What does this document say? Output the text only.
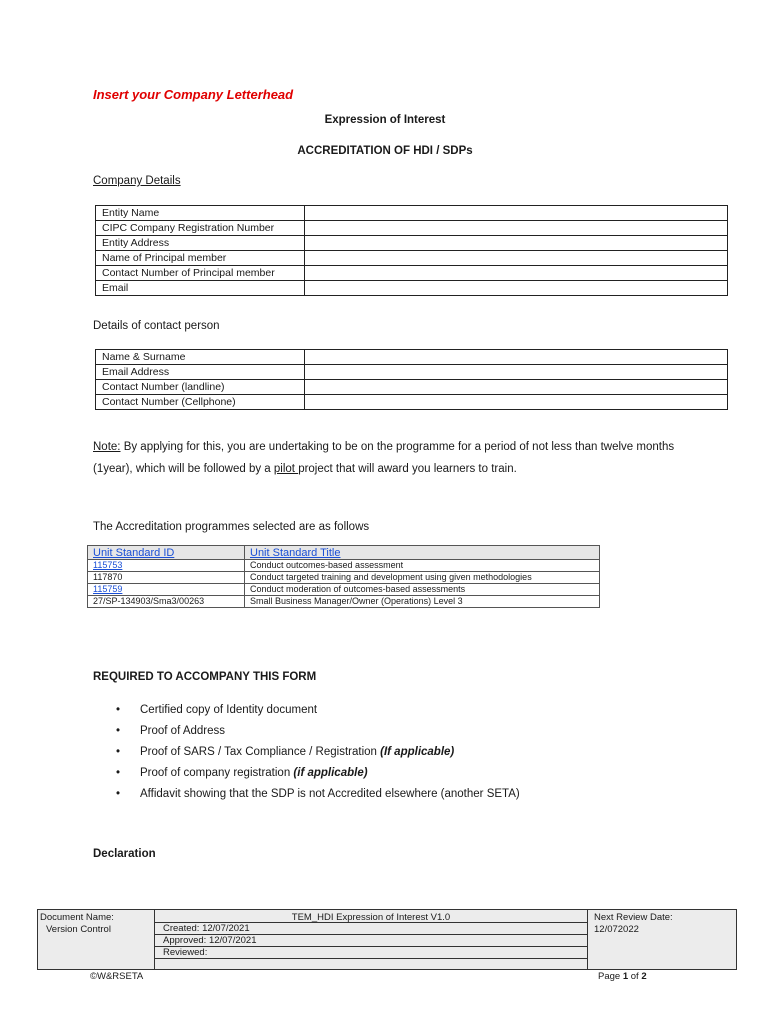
Insert your Company Letterhead
Expression of Interest
ACCREDITATION OF HDI / SDPs
Company Details
Entity Name	
CIPC Company Registration Number	
Entity Address	
Name of Principal member	
Contact Number of Principal member	
Email	
Details of contact person
Name & Surname	
Email Address	
Contact Number (landline)	
Contact Number (Cellphone)	
Note: By applying for this, you are undertaking to be on the programme for a period of not less than twelve months (1year), which will be followed by a pilot project that will award you learners to train.
The Accreditation programmes selected are as follows
Unit Standard ID	Unit Standard Title
115753	Conduct outcomes-based assessment
117870	Conduct targeted training and development using given methodologies
115759	Conduct moderation of outcomes-based assessments
27/SP-134903/Sma3/00263	Small Business Manager/Owner (Operations) Level 3
REQUIRED TO ACCOMPANY THIS FORM
• Certified copy of Identity document
• Proof of Address
• Proof of SARS / Tax Compliance / Registration (If applicable)
• Proof of company registration (if applicable)
• Affidavit showing that the SDP is not Accredited elsewhere (another SETA)
Declaration
Document Name:
Version Control
TEM_HDI Expression of Interest V1.0
Created: 12/07/2021
Approved: 12/07/2021
Reviewed:
Next Review Date:
12/072022
©W&RSETA	Page 1 of 2
